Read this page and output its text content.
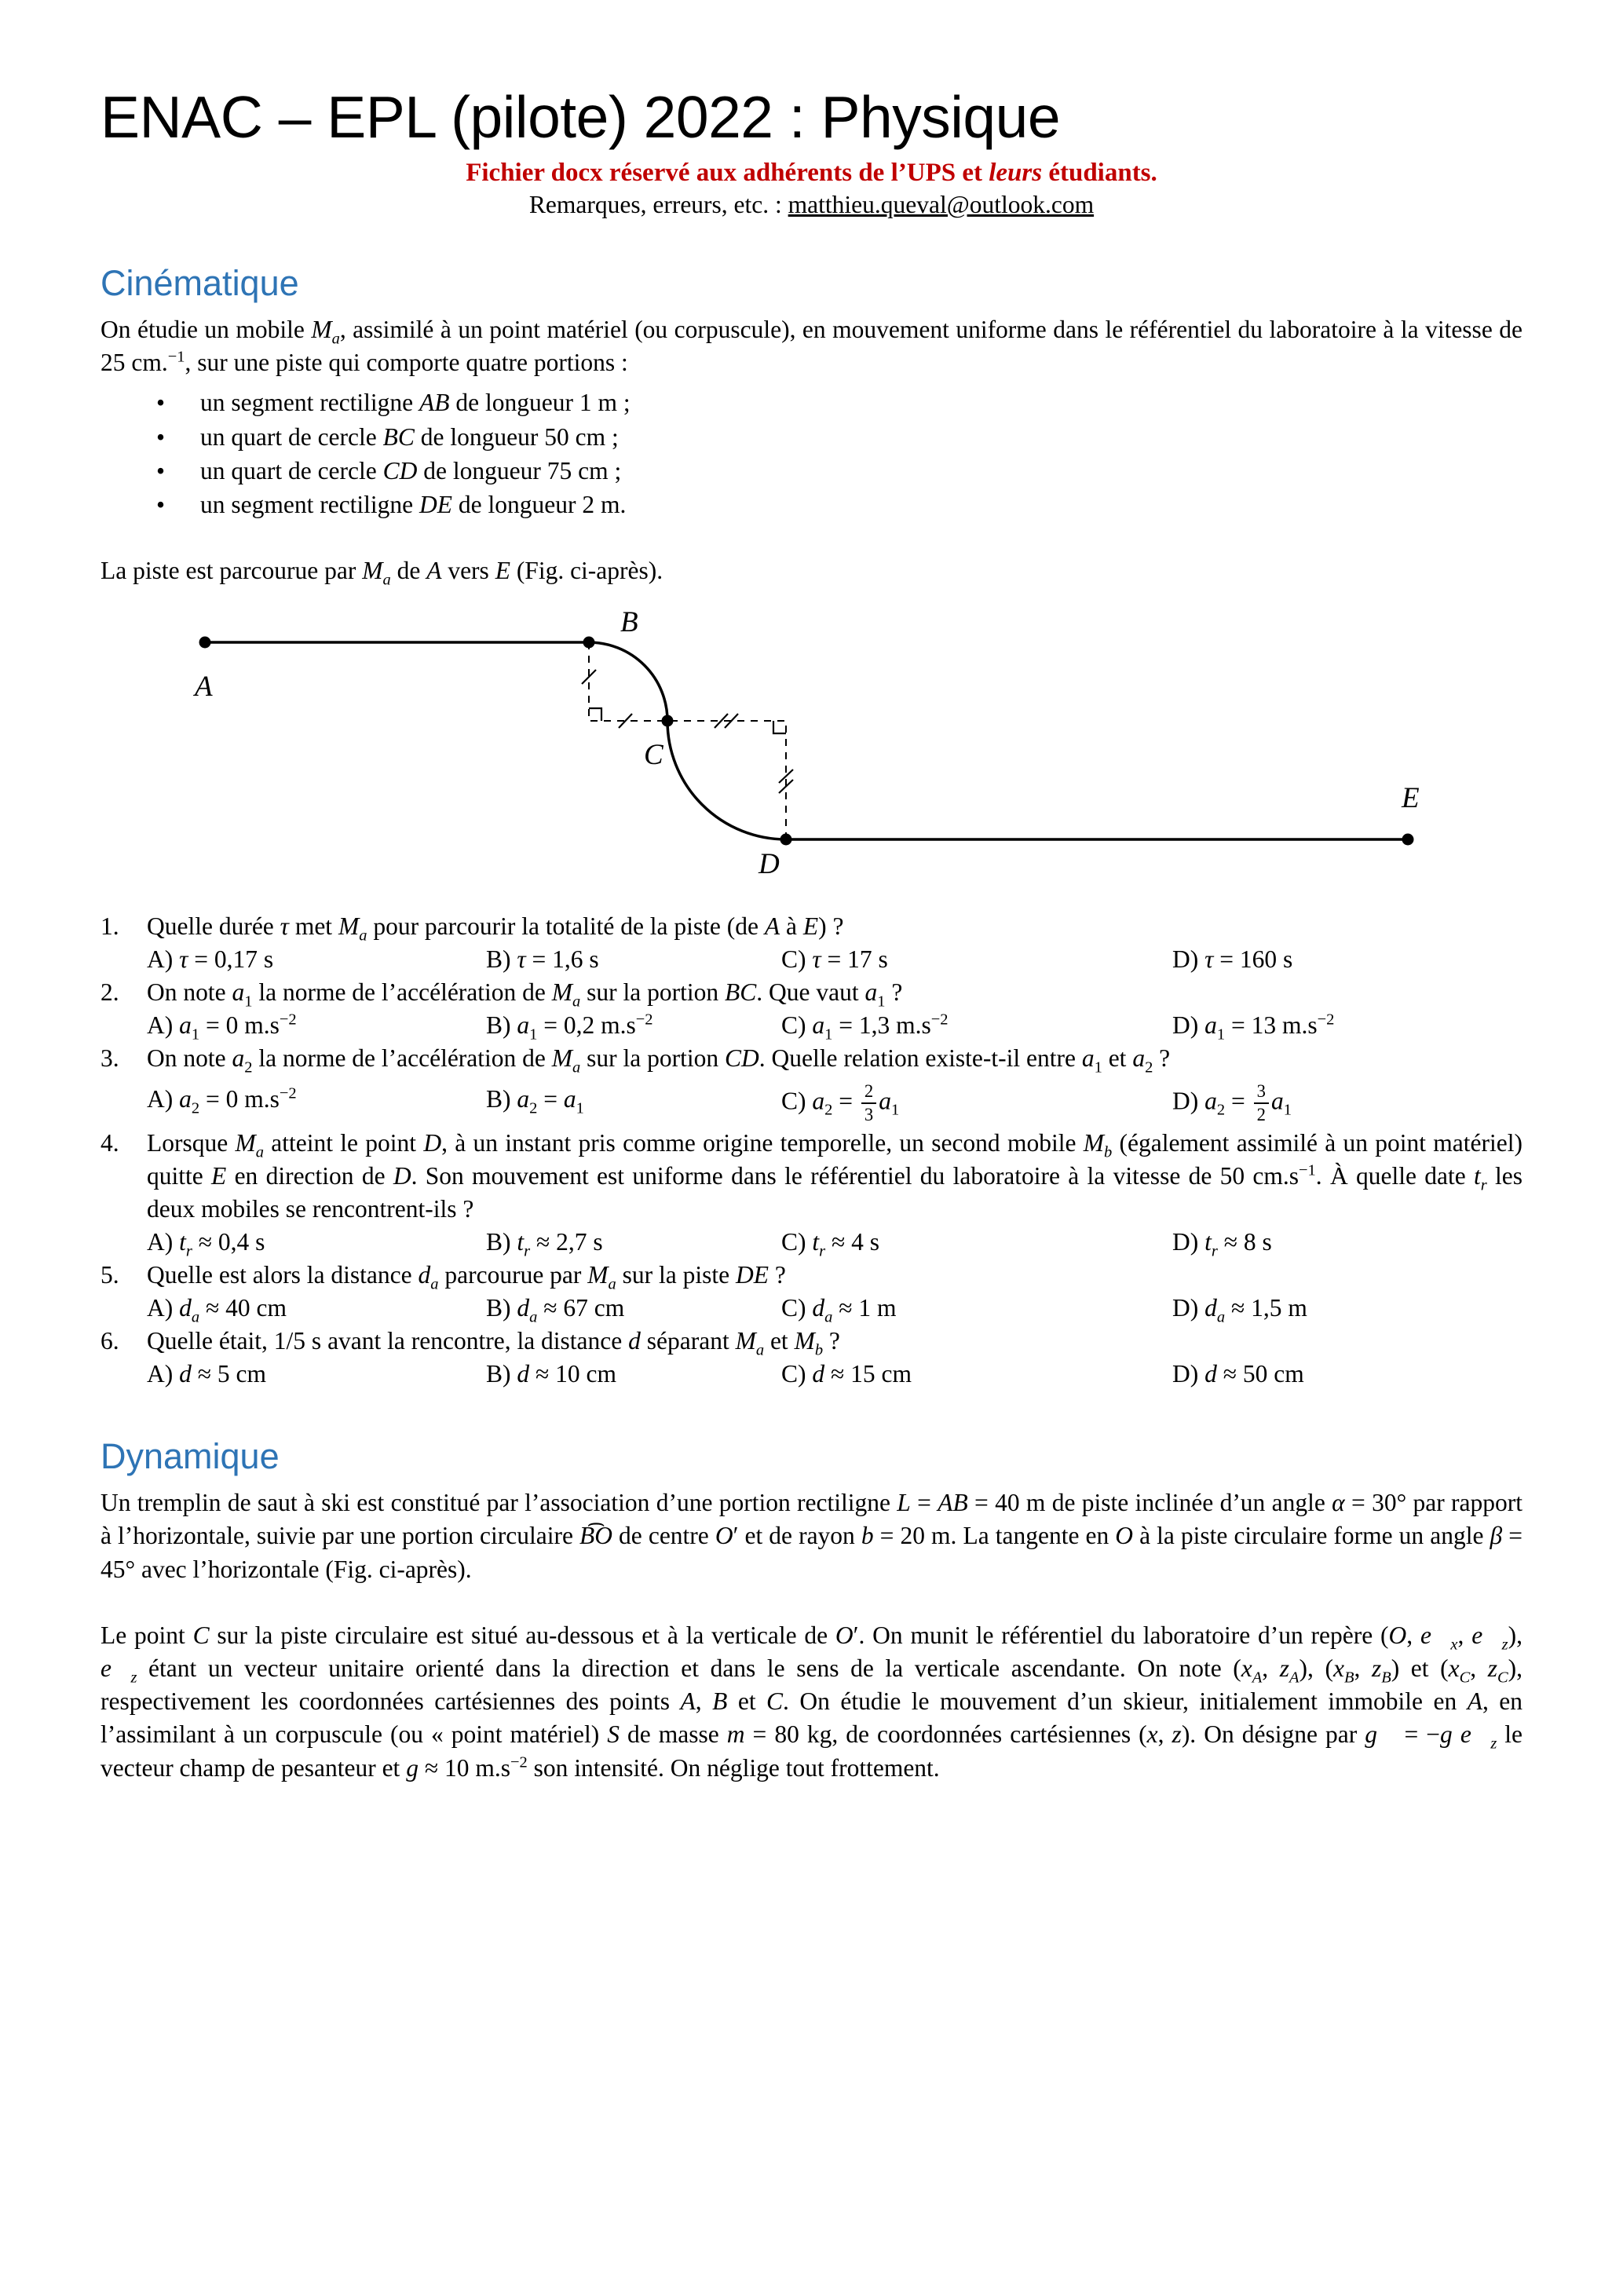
ENAC – EPL (pilote) 2022 : Physique

Fichier docx réservé aux adhérents de l’UPS et leurs étudiants.

Remarques, erreurs, etc. : matthieu.queval@outlook.com

Cinématique

On étudie un mobile $M_a$, assimilé à un point matériel (ou corpuscule), en mouvement uniforme dans le référentiel du laboratoire à la vitesse de 25 cm.$^{-1}$, sur une piste qui comporte quatre portions :

•	un segment rectiligne AB de longueur 1 m ;
•	un quart de cercle BC de longueur 50 cm ;
•	un quart de cercle CD de longueur 75 cm ;
•	un segment rectiligne DE de longueur 2 m.

La piste est parcourue par $M_a$ de A vers E (Fig. ci-après).

A
B
C
D
E
1.	Quelle durée τ met $M_a$ pour parcourir la totalité de la piste (de A à E) ?
A) τ = 0,17 s	B) τ = 1,6 s	C) τ = 17 s	D) τ = 160 s
2.	On note $a_1$ la norme de l’accélération de $M_a$ sur la portion BC. Que vaut $a_1$ ?
A) $a_1 = 0$ $m.s^{-2}$	B) $a_1 = 0,2$ $m.s^{-2}$	C) $a_1 = 1,3$ $m.s^{-2}$	D) $a_1 = 13$ $m.s^{-2}$
3.	On note $a_2$ la norme de l’accélération de $M_a$ sur la portion CD. Quelle relation existe-t-il entre $a_1$ et $a_2$ ?
A) $a_2 = 0$ $m.s^{-2}$	B) $a_2 = a_1$	C) $a_2 = \frac{2}{3} a_1$	D) $a_2 = \frac{3}{2} a_1$
4.	Lorsque $M_a$ atteint le point D, à un instant pris comme origine temporelle, un second mobile $M_b$ (également assimilé à un point matériel) quitte E en direction de D. Son mouvement est uniforme dans le référentiel du laboratoire à la vitesse de 50 $cm.s^{-1}$. À quelle date $t_r$ les deux mobiles se rencontrent-ils ?
A) $t_r \approx 0,4$ s	B) $t_r \approx 2,7$ s	C) $t_r \approx 4$ s	D) $t_r \approx 8$ s
5.	Quelle est alors la distance $d_a$ parcourue par $M_a$ sur la piste DE ?
A) $d_a \approx 40$ cm	B) $d_a \approx 67$ cm	C) $d_a \approx 1$ m	D) $d_a \approx 1,5$ m
6.	Quelle était, 1/5 s avant la rencontre, la distance d séparant $M_a$ et $M_b$ ?
A) d ≈ 5 cm	B) d ≈ 10 cm	C) d ≈ 15 cm	D) d ≈ 50 cm
Dynamique

Un tremplin de saut à ski est constitué par l’association d’une portion rectiligne L = AB = 40 m de piste inclinée d’un angle α = 30° par rapport à l’horizontale, suivie par une portion circulaire B͡O de centre O′ et de rayon b = 20 m. La tangente en O à la piste circulaire forme un angle β = 45° avec l’horizontale (Fig. ci-après).

Le point C sur la piste circulaire est situé au-dessous et à la verticale de O′. On munit le référentiel du laboratoire d’un repère (O, $e⃗_x$, $e⃗_z$), $e⃗_z$ étant un vecteur unitaire orienté dans la direction et dans le sens de la verticale ascendante. On note ($x_A$, $z_A$), ($x_B$, $z_B$) et ($x_C$, $z_C$), respectivement les coordonnées cartésiennes des points A, B et C. On étudie le mouvement d’un skieur, initialement immobile en A, en l’assimilant à un corpuscule (ou « point matériel) S de masse m = 80 kg, de coordonnées cartésiennes (x, z). On désigne par g⃗ = −g $e⃗_z$ le vecteur champ de pesanteur et g ≈ 10 $m.s^{-2}$ son intensité. On néglige tout frottement.
